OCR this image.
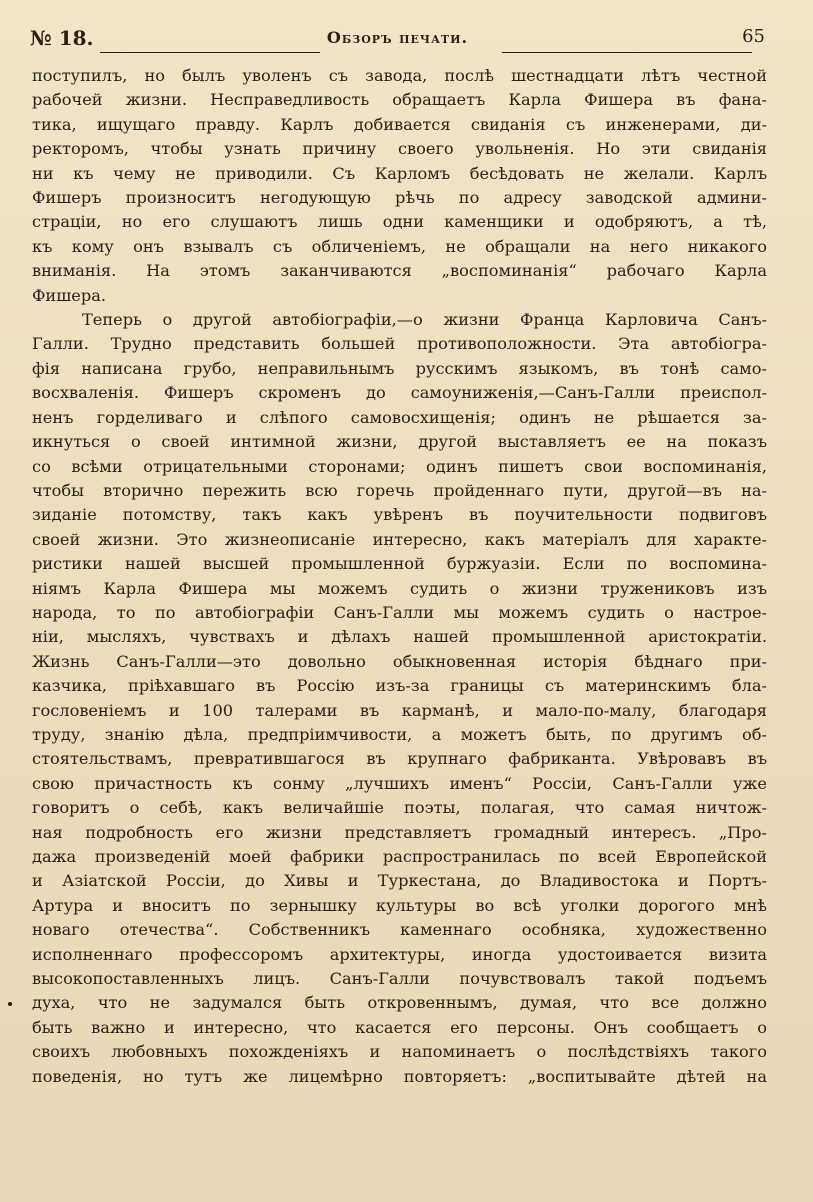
№ 18.	Обзоръ печати.	65
поступилъ, но былъ уволенъ съ завода, послѣ шестнадцати лѣтъ честной
рабочей жизни. Несправедливость обращаетъ Карла Фишера въ фана-
тика, ищущаго правду. Карлъ добивается свиданія съ инженерами, ди-
ректоромъ, чтобы узнать причину своего увольненія. Но эти свиданія
ни къ чему не приводили. Съ Карломъ бесѣдовать не желали. Карлъ
Фишеръ произноситъ негодующую рѣчь по адресу заводской админи-
страціи, но его слушаютъ лишь одни каменщики и одобряютъ, а тѣ,
къ кому онъ взывалъ съ обличеніемъ, не обращали на него никакого
вниманія. На этомъ заканчиваются „воспоминанія“ рабочаго Карла
Фишера.
Теперь о другой автобіографіи,—о жизни Франца Карловича Санъ-
Галли. Трудно представить большей противоположности. Эта автобіогра-
фія написана грубо, неправильнымъ русскимъ языкомъ, въ тонѣ само-
восхваленія. Фишеръ скроменъ до самоуниженія,—Санъ-Галли преиспол-
ненъ горделиваго и слѣпого самовосхищенія; одинъ не рѣшается за-
икнуться о своей интимной жизни, другой выставляетъ ее на показъ
со всѣми отрицательными сторонами; одинъ пишетъ свои воспоминанія,
чтобы вторично пережить всю горечь пройденнаго пути, другой—въ на-
зиданіе потомству, такъ какъ увѣренъ въ поучительности подвиговъ
своей жизни. Это жизнеописаніе интересно, какъ матеріалъ для характе-
ристики нашей высшей промышленной буржуазіи. Если по воспомина-
ніямъ Карла Фишера мы можемъ судить о жизни тружениковъ изъ
народа, то по автобіографіи Санъ-Галли мы можемъ судить о настрое-
ніи, мысляхъ, чувствахъ и дѣлахъ нашей промышленной аристократіи.
Жизнь Санъ-Галли—это довольно обыкновенная исторія бѣднаго при-
казчика, пріѣхавшаго въ Россію изъ-за границы съ материнскимъ бла-
гословеніемъ и 100 талерами въ карманѣ, и мало-по-малу, благодаря
труду, знанію дѣла, предпріимчивости, а можетъ быть, по другимъ об-
стоятельствамъ, превратившагося въ крупнаго фабриканта. Увѣровавъ въ
свою причастность къ сонму „лучшихъ именъ“ Россіи, Санъ-Галли уже
говоритъ о себѣ, какъ величайшіе поэты, полагая, что самая ничтож-
ная подробность его жизни представляетъ громадный интересъ. „Про-
дажа произведеній моей фабрики распространилась по всей Европейской
и Азіатской Россіи, до Хивы и Туркестана, до Владивостока и Портъ-
Артура и вноситъ по зернышку культуры во всѣ уголки дорогого мнѣ
новаго отечества“. Собственникъ каменнаго особняка, художественно
исполненнаго профессоромъ архитектуры, иногда удостоивается визита
высокопоставленныхъ лицъ. Санъ-Галли почувствовалъ такой подъемъ
духа, что не задумался быть откровеннымъ, думая, что все должно
быть важно и интересно, что касается его персоны. Онъ сообщаетъ о
своихъ любовныхъ похожденіяхъ и напоминаетъ о послѣдствіяхъ такого
поведенія, но тутъ же лицемѣрно повторяетъ: „воспитывайте дѣтей на
